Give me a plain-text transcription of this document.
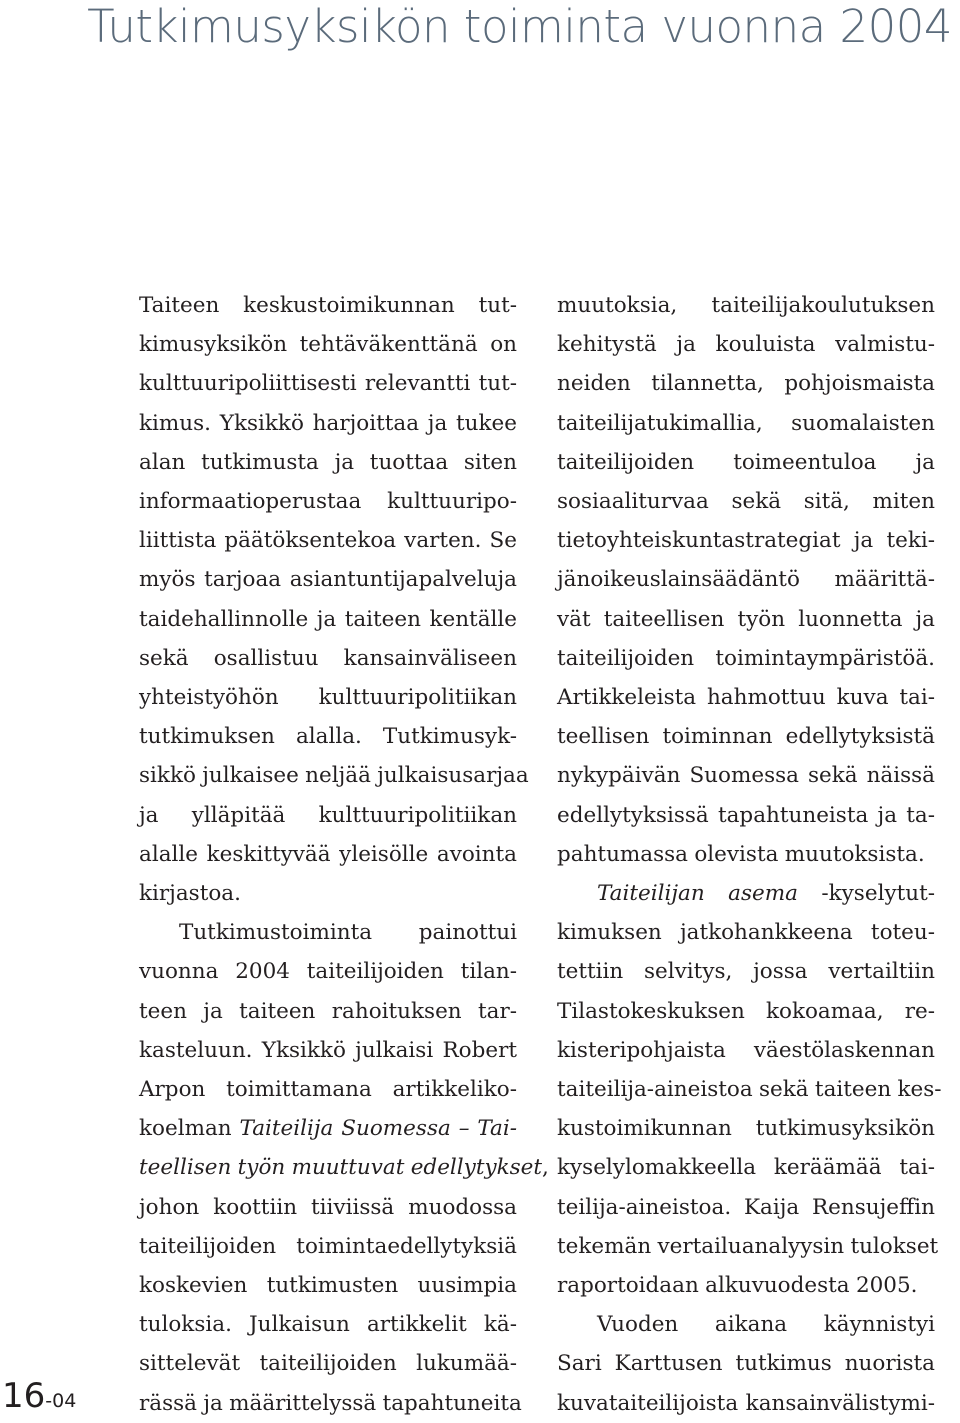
Tutkimusyksikön toiminta vuonna 2004
Taiteen keskustoimikunnan tut-
kimusyksikön tehtäväkenttänä on
kulttuuripoliittisesti relevantti tut-
kimus. Yksikkö harjoittaa ja tukee
alan tutkimusta ja tuottaa siten
informaatioperustaa kulttuuripo-
liittista päätöksentekoa varten. Se
myös tarjoaa asiantuntijapalveluja
taidehallinnolle ja taiteen kentälle
sekä osallistuu kansainväliseen
yhteistyöhön kulttuuripolitiikan
tutkimuksen alalla. Tutkimusyk-
sikkö julkaisee neljää julkaisusarjaa
ja ylläpitää kulttuuripolitiikan
alalle keskittyvää yleisölle avointa
kirjastoa.
Tutkimustoiminta painottui
vuonna 2004 taiteilijoiden tilan-
teen ja taiteen rahoituksen tar-
kasteluun. Yksikkö julkaisi Robert
Arpon toimittamana artikkeliko-
koelman Taiteilija Suomessa – Tai-
teellisen työn muuttuvat edellytykset,
johon koottiin tiiviissä muodossa
taiteilijoiden toimintaedellytyksiä
koskevien tutkimusten uusimpia
tuloksia. Julkaisun artikkelit kä-
sittelevät taiteilijoiden lukumää-
rässä ja määrittelyssä tapahtuneita
muutoksia, taiteilijakoulutuksen
kehitystä ja kouluista valmistu-
neiden tilannetta, pohjoismaista
taiteilijatukimallia, suomalaisten
taiteilijoiden toimeentuloa ja
sosiaaliturvaa sekä sitä, miten
tietoyhteiskuntastrategiat ja teki-
jänoikeuslainsäädäntö määrittä-
vät taiteellisen työn luonnetta ja
taiteilijoiden toimintaympäristöä.
Artikkeleista hahmottuu kuva tai-
teellisen toiminnan edellytyksistä
nykypäivän Suomessa sekä näissä
edellytyksissä tapahtuneista ja ta-
pahtumassa olevista muutoksista.
Taiteilijan asema -kyselytut-
kimuksen jatkohankkeena toteu-
tettiin selvitys, jossa vertailtiin
Tilastokeskuksen kokoamaa, re-
kisteripohjaista väestölaskennan
taiteilija-aineistoa sekä taiteen kes-
kustoimikunnan tutkimusyksikön
kyselylomakkeella keräämää tai-
teilija-aineistoa. Kaija Rensujeffin
tekemän vertailuanalyysin tulokset
raportoidaan alkuvuodesta 2005.
Vuoden aikana käynnistyi
Sari Karttusen tutkimus nuorista
kuvataiteilijoista kansainvälistymi-
16-04
